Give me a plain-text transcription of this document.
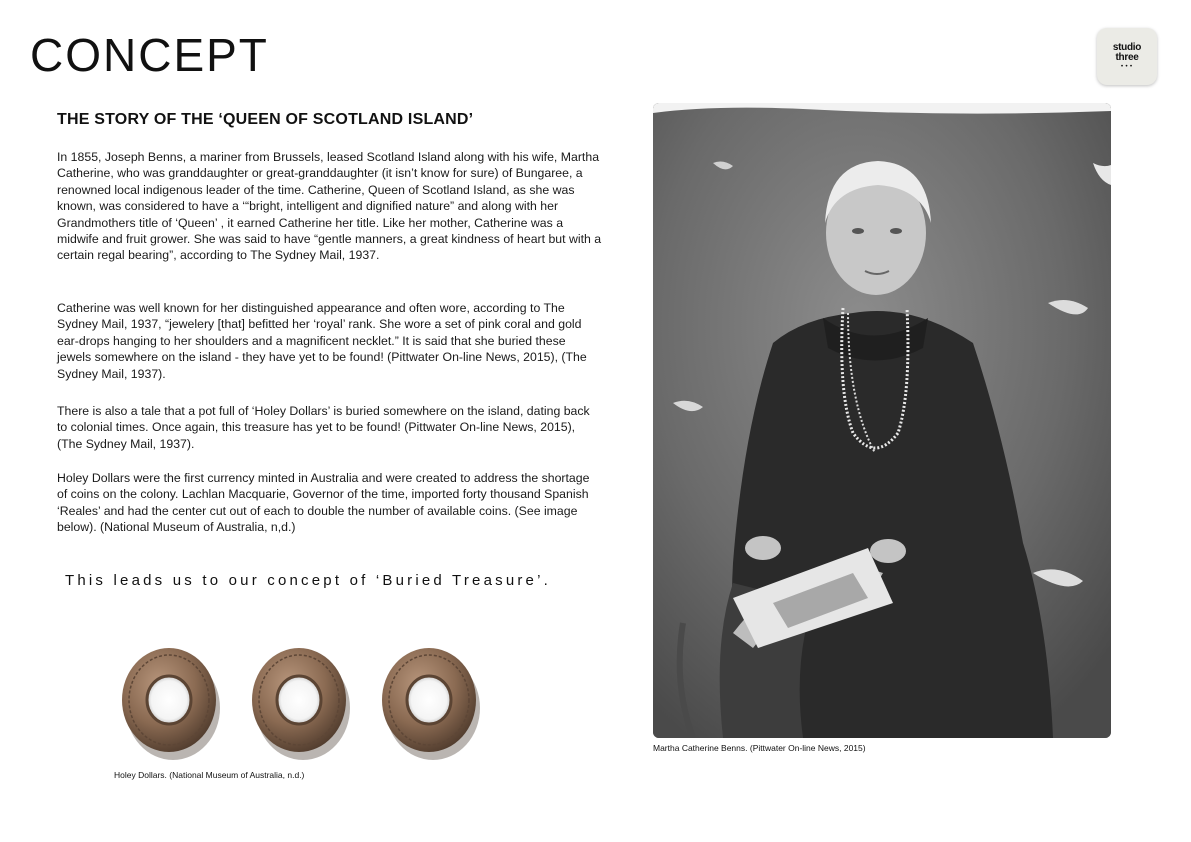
CONCEPT	studio
three
•••
THE STORY OF THE ‘QUEEN OF SCOTLAND ISLAND’

In 1855, Joseph Benns, a mariner from Brussels, leased Scotland Island along with his wife, Martha Catherine, who was granddaughter or great-granddaughter (it isn’t know for sure) of Bungaree, a renowned local indigenous leader of the time. Catherine, Queen of Scotland Island, as she was known, was considered to have a ‘“bright, intelligent and dignified nature” and along with her Grandmothers title of ‘Queen’ , it earned Catherine her title. Like her mother, Catherine was a midwife and fruit grower. She was said to have “gentle manners, a great kindness of heart but with a certain regal bearing”, according to The Sydney Mail, 1937.

Catherine was well known for her distinguished appearance and often wore, according to The Sydney Mail, 1937, “jewelery [that] befitted her ‘royal’ rank. She wore a set of pink coral and gold ear-drops hanging to her shoulders and a magnificent necklet.” It is said that she buried these jewels somewhere on the island - they have yet to be found! (Pittwater On-line News, 2015), (The Sydney Mail, 1937).

There is also a tale that a pot full of ‘Holey Dollars’ is buried somewhere on the island, dating back to colonial times. Once again, this treasure has yet to be found! (Pittwater On-line News, 2015), (The Sydney Mail, 1937).

Holey Dollars were the first currency minted in Australia and were created to address the shortage of coins on the colony. Lachlan Macquarie, Governor of the time, imported forty thousand Spanish ‘Reales’ and had the center cut out of each to double the number of available coins. (See image below). (National Museum of Australia, n,d.)

This leads us to our concept of ‘Buried Treasure’.

Holey Dollars. (National Museum of Australia, n.d.)
Martha Catherine Benns. (Pittwater On-line News, 2015)
